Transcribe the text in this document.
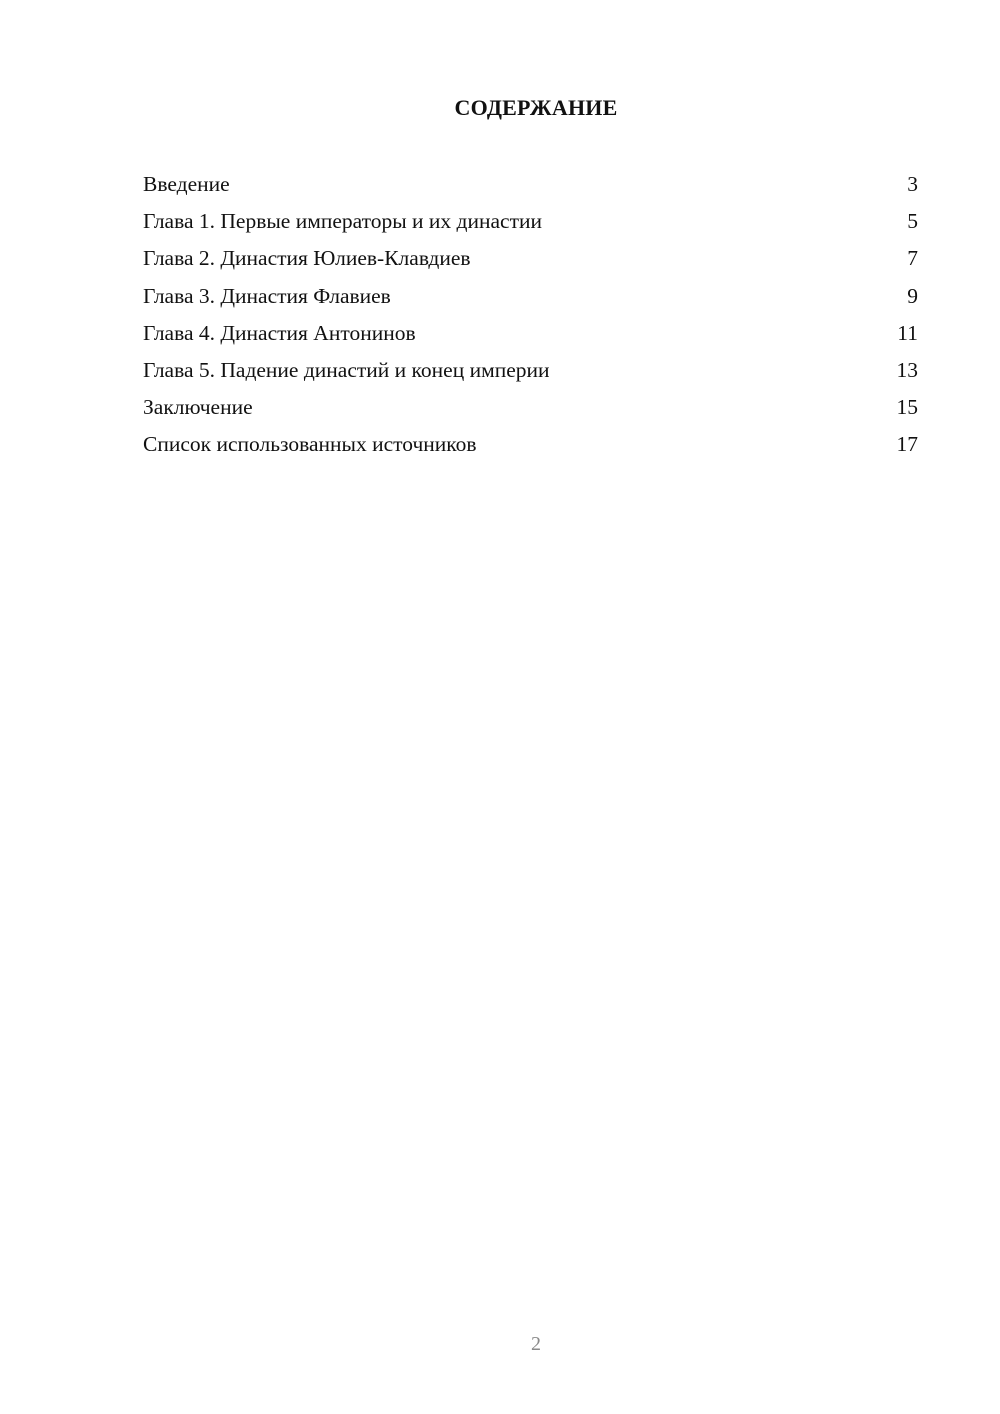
СОДЕРЖАНИЕ
Введение	3
Глава 1. Первые императоры и их династии	5
Глава 2. Династия Юлиев-Клавдиев	7
Глава 3. Династия Флавиев	9
Глава 4. Династия Антонинов	11
Глава 5. Падение династий и конец империи	13
Заключение	15
Список использованных источников	17
2
